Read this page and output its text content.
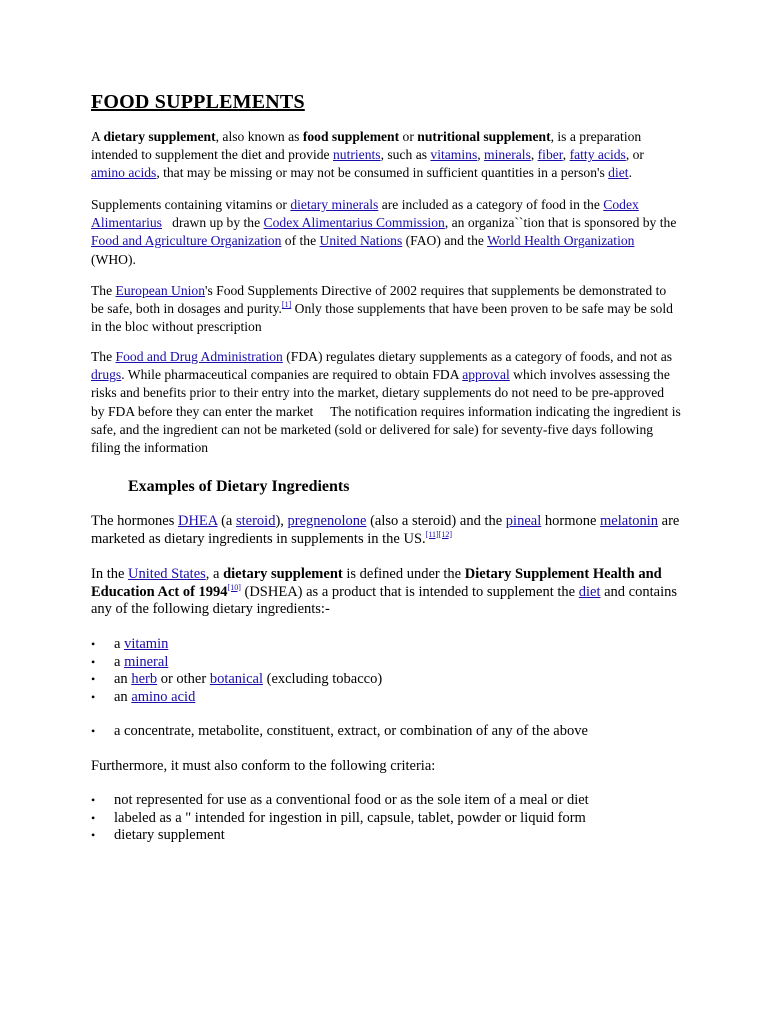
FOOD SUPPLEMENTS

A dietary supplement, also known as food supplement or nutritional supplement, is a preparation intended to supplement the diet and provide nutrients, such as vitamins, minerals, fiber, fatty acids, or amino acids, that may be missing or may not be consumed in sufficient quantities in a person's diet.

Supplements containing vitamins or dietary minerals are included as a category of food in the Codex Alimentarius   drawn up by the Codex Alimentarius Commission, an organiza``tion that is sponsored by the Food and Agriculture Organization of the United Nations (FAO) and the World Health Organization (WHO).

The European Union's Food Supplements Directive of 2002 requires that supplements be demonstrated to be safe, both in dosages and purity.[1] Only those supplements that have been proven to be safe may be sold in the bloc without prescription

The Food and Drug Administration (FDA) regulates dietary supplements as a category of foods, and not as drugs. While pharmaceutical companies are required to obtain FDA approval which involves assessing the risks and benefits prior to their entry into the market, dietary supplements do not need to be pre-approved by FDA before they can enter the market     The notification requires information indicating the ingredient is safe, and the ingredient can not be marketed (sold or delivered for sale) for seventy-five days following filing the information

Examples of Dietary Ingredients

The hormones DHEA (a steroid), pregnenolone (also a steroid) and the pineal hormone melatonin are marketed as dietary ingredients in supplements in the US.[11][12]

In the United States, a dietary supplement is defined under the Dietary Supplement Health and Education Act of 1994[10] (DSHEA) as a product that is intended to supplement the diet and contains any of the following dietary ingredients:-

• a vitamin
• a mineral
• an herb or other botanical (excluding tobacco)
• an amino acid
• a concentrate, metabolite, constituent, extract, or combination of any of the above

Furthermore, it must also conform to the following criteria:

• not represented for use as a conventional food or as the sole item of a meal or diet
• labeled as a " intended for ingestion in pill, capsule, tablet, powder or liquid form
• dietary supplement
